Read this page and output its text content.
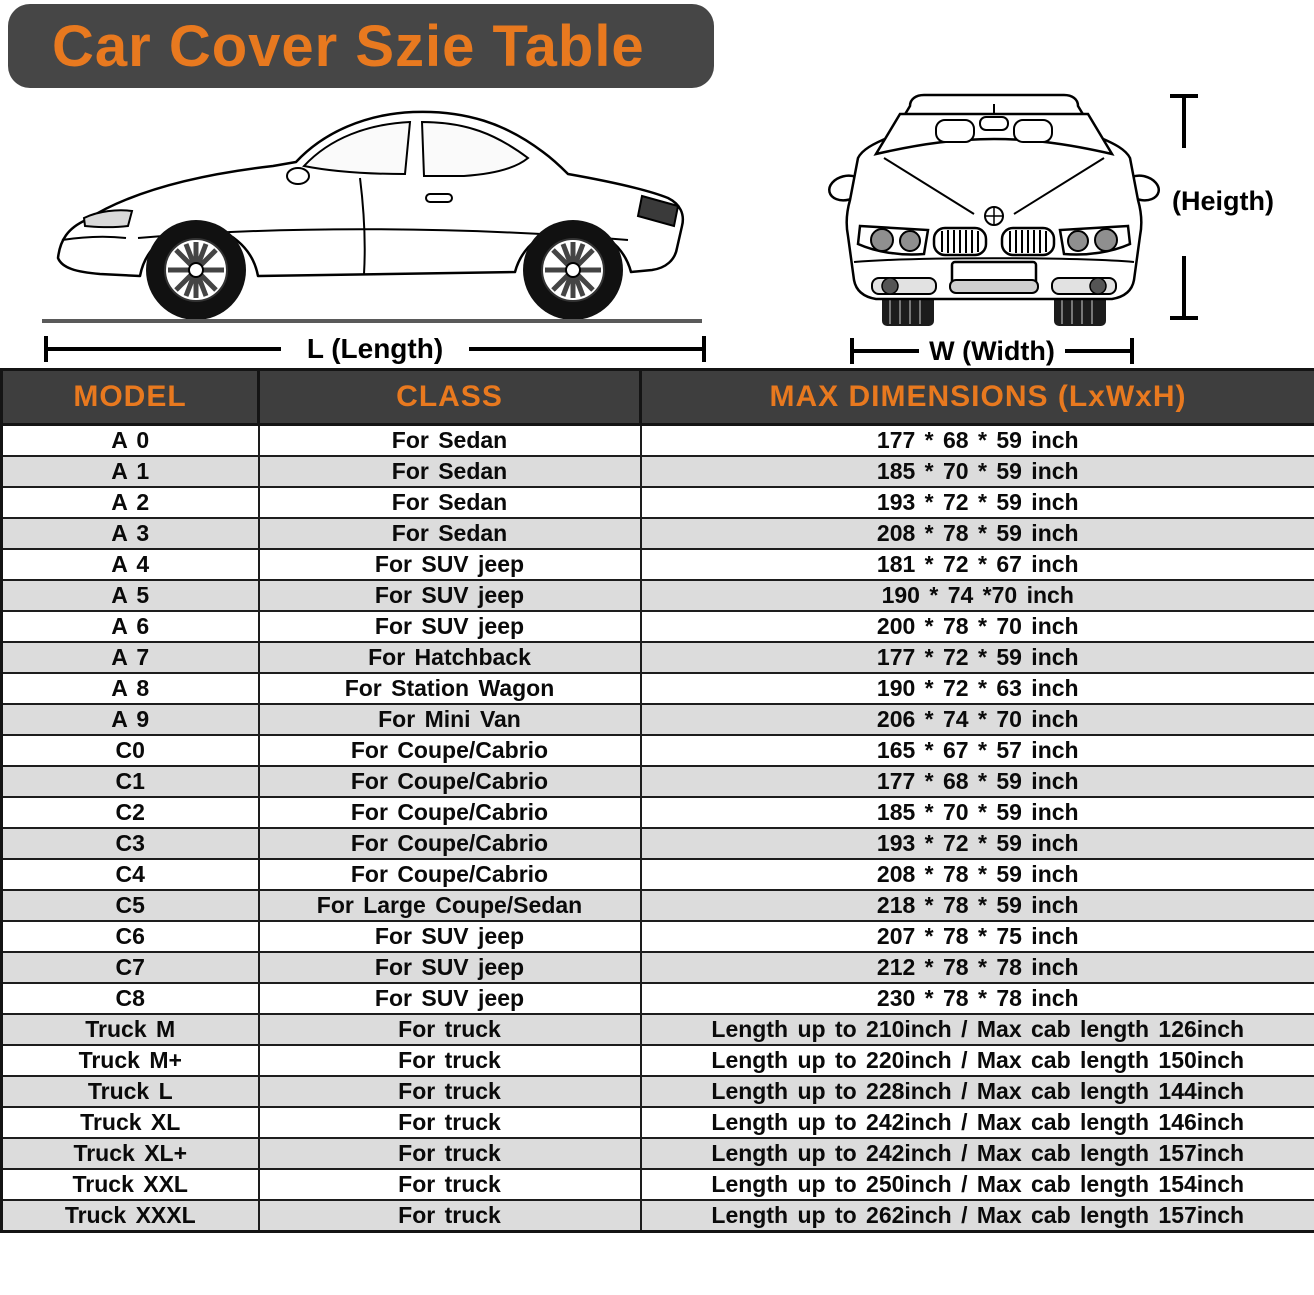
Car Cover Szie Table
L (Length)	W (Width)
(Heigth)
MODEL	CLASS	MAX DIMENSIONS (LxWxH)
A 0	For Sedan	177 * 68 * 59 inch
A 1	For Sedan	185 * 70 * 59 inch
A 2	For Sedan	193 * 72 * 59 inch
A 3	For Sedan	208 * 78 * 59 inch
A 4	For SUV jeep	181 * 72 * 67 inch
A 5	For SUV jeep	190 * 74 *70 inch
A 6	For SUV jeep	200 * 78 * 70 inch
A 7	For Hatchback	177 * 72 * 59 inch
A 8	For Station Wagon	190 * 72 * 63 inch
A 9	For Mini Van	206 * 74 * 70 inch
C0	For Coupe/Cabrio	165 * 67 * 57 inch
C1	For Coupe/Cabrio	177 * 68 * 59 inch
C2	For Coupe/Cabrio	185 * 70 * 59 inch
C3	For Coupe/Cabrio	193 * 72 * 59 inch
C4	For Coupe/Cabrio	208 * 78 * 59 inch
C5	For Large Coupe/Sedan	218 * 78 * 59 inch
C6	For SUV jeep	207 * 78 * 75 inch
C7	For SUV jeep	212 * 78 * 78 inch
C8	For SUV jeep	230 * 78 * 78 inch
Truck M	For truck	Length up to 210inch / Max cab length 126inch
Truck M+	For truck	Length up to 220inch / Max cab length 150inch
Truck L	For truck	Length up to 228inch / Max cab length 144inch
Truck XL	For truck	Length up to 242inch / Max cab length 146inch
Truck XL+	For truck	Length up to 242inch / Max cab length 157inch
Truck XXL	For truck	Length up to 250inch / Max cab length 154inch
Truck XXXL	For truck	Length up to 262inch / Max cab length 157inch
